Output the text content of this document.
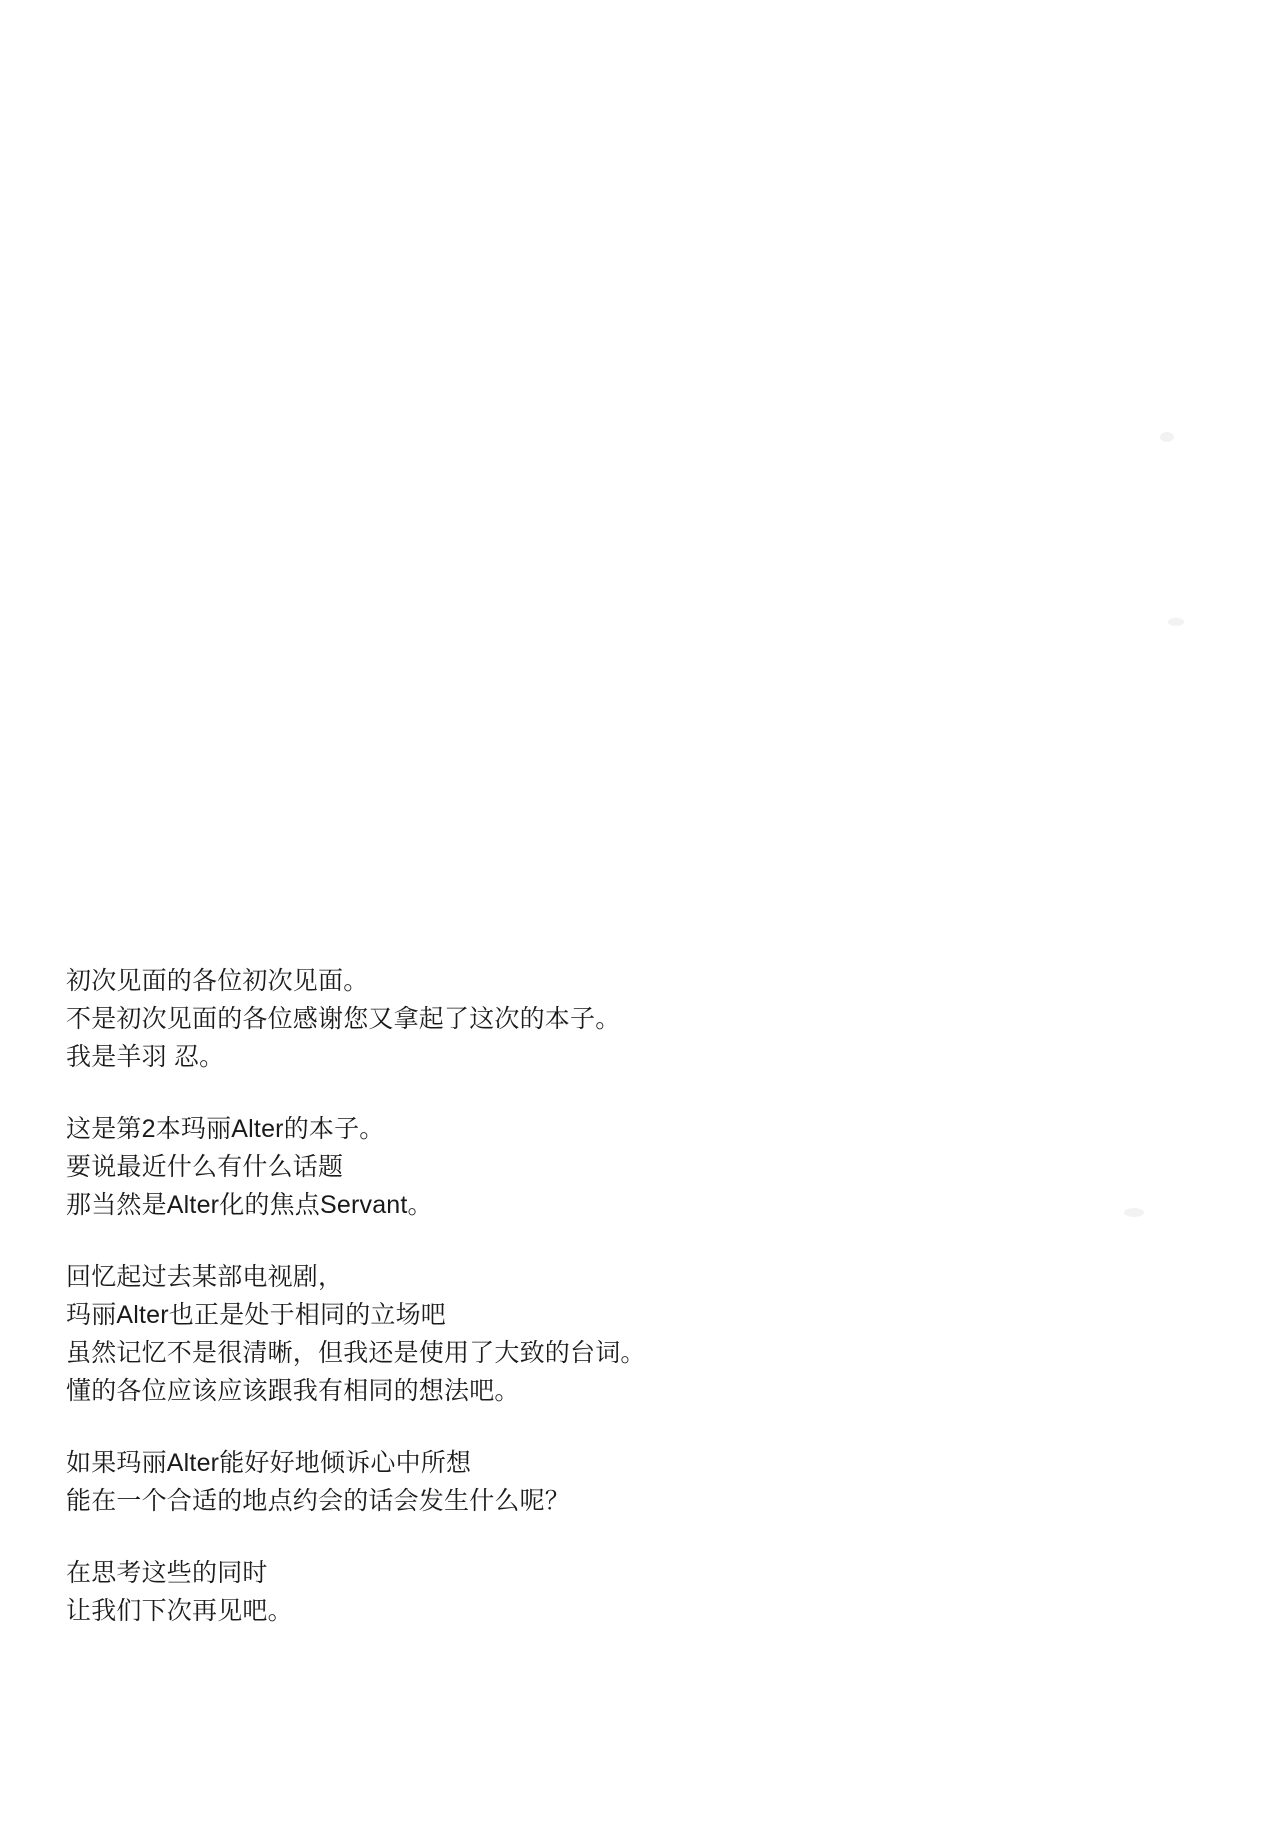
初次见面的各位初次见面。
不是初次见面的各位感谢您又拿起了这次的本子。
我是羊羽 忍。
这是第2本玛丽Alter的本子。
要说最近什么有什么话题
那当然是Alter化的焦点Servant。
回忆起过去某部电视剧，
玛丽Alter也正是处于相同的立场吧
虽然记忆不是很清晰，但我还是使用了大致的台词。
懂的各位应该应该跟我有相同的想法吧。
如果玛丽Alter能好好地倾诉心中所想
能在一个合适的地点约会的话会发生什么呢？
在思考这些的同时
让我们下次再见吧。
